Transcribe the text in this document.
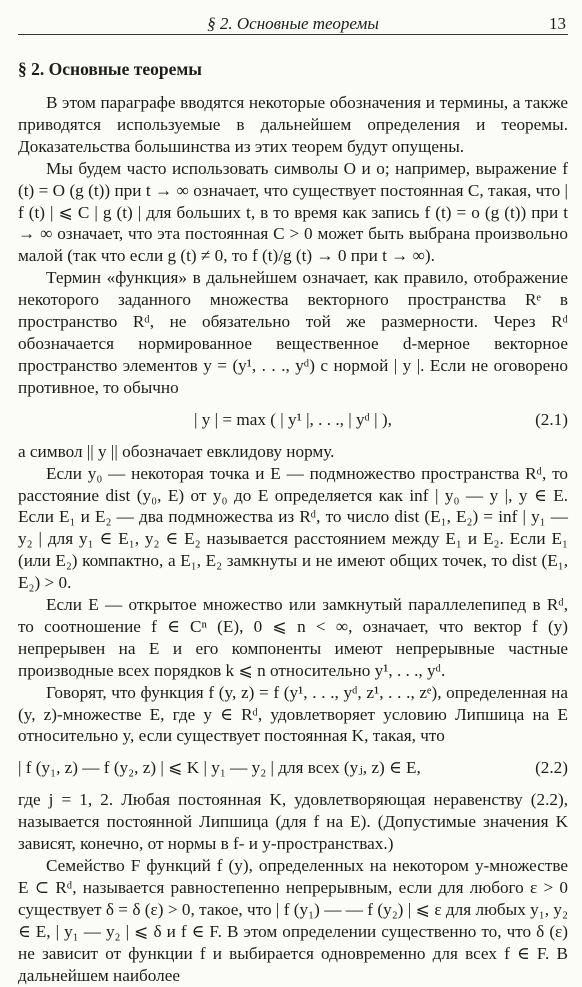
§ 2. Основные теоремы	13
§ 2. Основные теоремы

В этом параграфе вводятся некоторые обозначения и термины, а также приводятся используемые в дальнейшем определения и теоремы. Доказательства большинства из этих теорем будут опущены.

Мы будем часто использовать символы O и o; например, выражение f (t) = O (g (t)) при t → ∞ означает, что существует постоянная C, такая, что | f (t) | ⩽ C | g (t) | для больших t, в то время как запись f (t) = o (g (t)) при t → ∞ означает, что эта постоянная C > 0 может быть выбрана произвольно малой (так что если g (t) ≠ 0, то f (t)/g (t) → 0 при t → ∞).

Термин «функция» в дальнейшем означает, как правило, отображение некоторого заданного множества векторного пространства Rᵉ в пространство Rᵈ, не обязательно той же размерности. Через Rᵈ обозначается нормированное вещественное d-мерное векторное пространство элементов y = (y¹, . . ., yᵈ) с нормой | y |. Если не оговорено противное, то обычно

| y | = max ( | y¹ |, . . ., | yᵈ | ),	(2.1)

а символ || y || обозначает евклидову норму.

Если y₀ — некоторая точка и E — подмножество пространства Rᵈ, то расстояние dist (y₀, E) от y₀ до E определяется как inf | y₀ — y |, y ∈ E. Если E₁ и E₂ — два подмножества из Rᵈ, то число dist (E₁, E₂) = inf | y₁ — y₂ | для y₁ ∈ E₁, y₂ ∈ E₂ называется расстоянием между E₁ и E₂. Если E₁ (или E₂) компактно, а E₁, E₂ замкнуты и не имеют общих точек, то dist (E₁, E₂) > 0.

Если E — открытое множество или замкнутый параллелепипед в Rᵈ, то соотношение f ∈ Cⁿ (E), 0 ⩽ n < ∞, означает, что вектор f (y) непрерывен на E и его компоненты имеют непрерывные частные производные всех порядков k ⩽ n относительно y¹, . . ., yᵈ.

Говорят, что функция f (y, z) = f (y¹, . . ., yᵈ, z¹, . . ., zᵉ), определенная на (y, z)-множестве E, где y ∈ Rᵈ, удовлетворяет условию Липшица на E относительно y, если существует постоянная K, такая, что

| f (y₁, z) — f (y₂, z) | ⩽ K | y₁ — y₂ | для всех (yⱼ, z) ∈ E,	(2.2)

где j = 1, 2. Любая постоянная K, удовлетворяющая неравенству (2.2), называется постоянной Липшица (для f на E). (Допустимые значения K зависят, конечно, от нормы в f- и y-пространствах.)

Семейство F функций f (y), определенных на некотором y-множестве E ⊂ Rᵈ, называется равностепенно непрерывным, если для любого ε > 0 существует δ = δ (ε) > 0, такое, что | f (y₁) — — f (y₂) | ⩽ ε для любых y₁, y₂ ∈ E, | y₁ — y₂ | ⩽ δ и f ∈ F. В этом определении существенно то, что δ (ε) не зависит от функции f и выбирается одновременно для всех f ∈ F. В дальнейшем наиболее
